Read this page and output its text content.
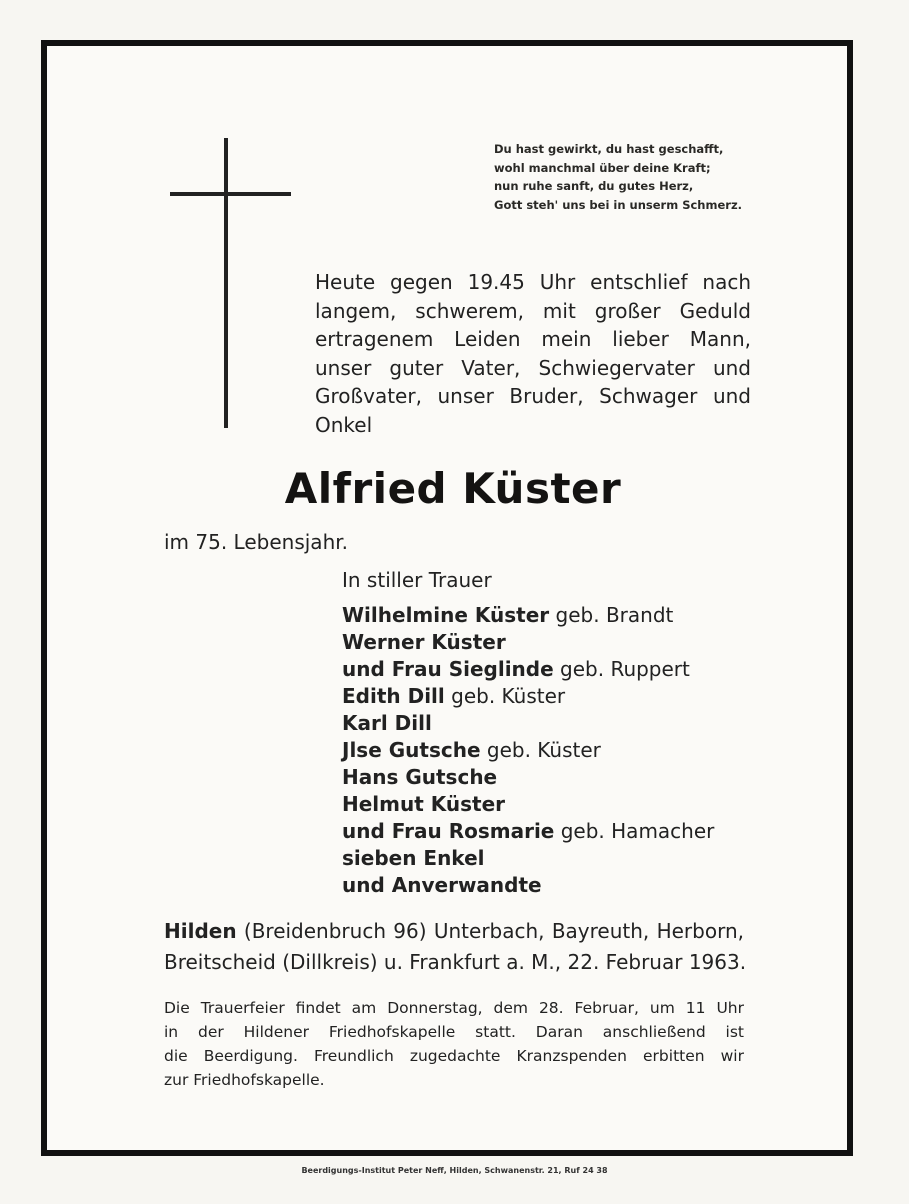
Du hast gewirkt, du hast geschafft,
wohl manchmal über deine Kraft;
nun ruhe sanft, du gutes Herz,
Gott steh' uns bei in unserm Schmerz.
Heute gegen 19.45 Uhr entschlief nach
langem, schwerem, mit großer Geduld
ertragenem Leiden mein lieber Mann,
unser guter Vater, Schwiegervater und
Großvater, unser Bruder, Schwager und
Onkel
Alfried Küster
im 75. Lebensjahr.
In stiller Trauer
Wilhelmine Küster geb. Brandt
Werner Küster
und Frau Sieglinde geb. Ruppert
Edith Dill geb. Küster
Karl Dill
Jlse Gutsche geb. Küster
Hans Gutsche
Helmut Küster
und Frau Rosmarie geb. Hamacher
sieben Enkel
und Anverwandte
Hilden (Breidenbruch 96) Unterbach, Bayreuth, Herborn,
Breitscheid (Dillkreis) u. Frankfurt a. M., 22. Februar 1963.
Die Trauerfeier findet am Donnerstag, dem 28. Februar, um 11 Uhr
in der Hildener Friedhofskapelle statt. Daran anschließend ist
die Beerdigung. Freundlich zugedachte Kranzspenden erbitten wir
zur Friedhofskapelle.
Beerdigungs-Institut Peter Neff, Hilden, Schwanenstr. 21, Ruf 24 38
